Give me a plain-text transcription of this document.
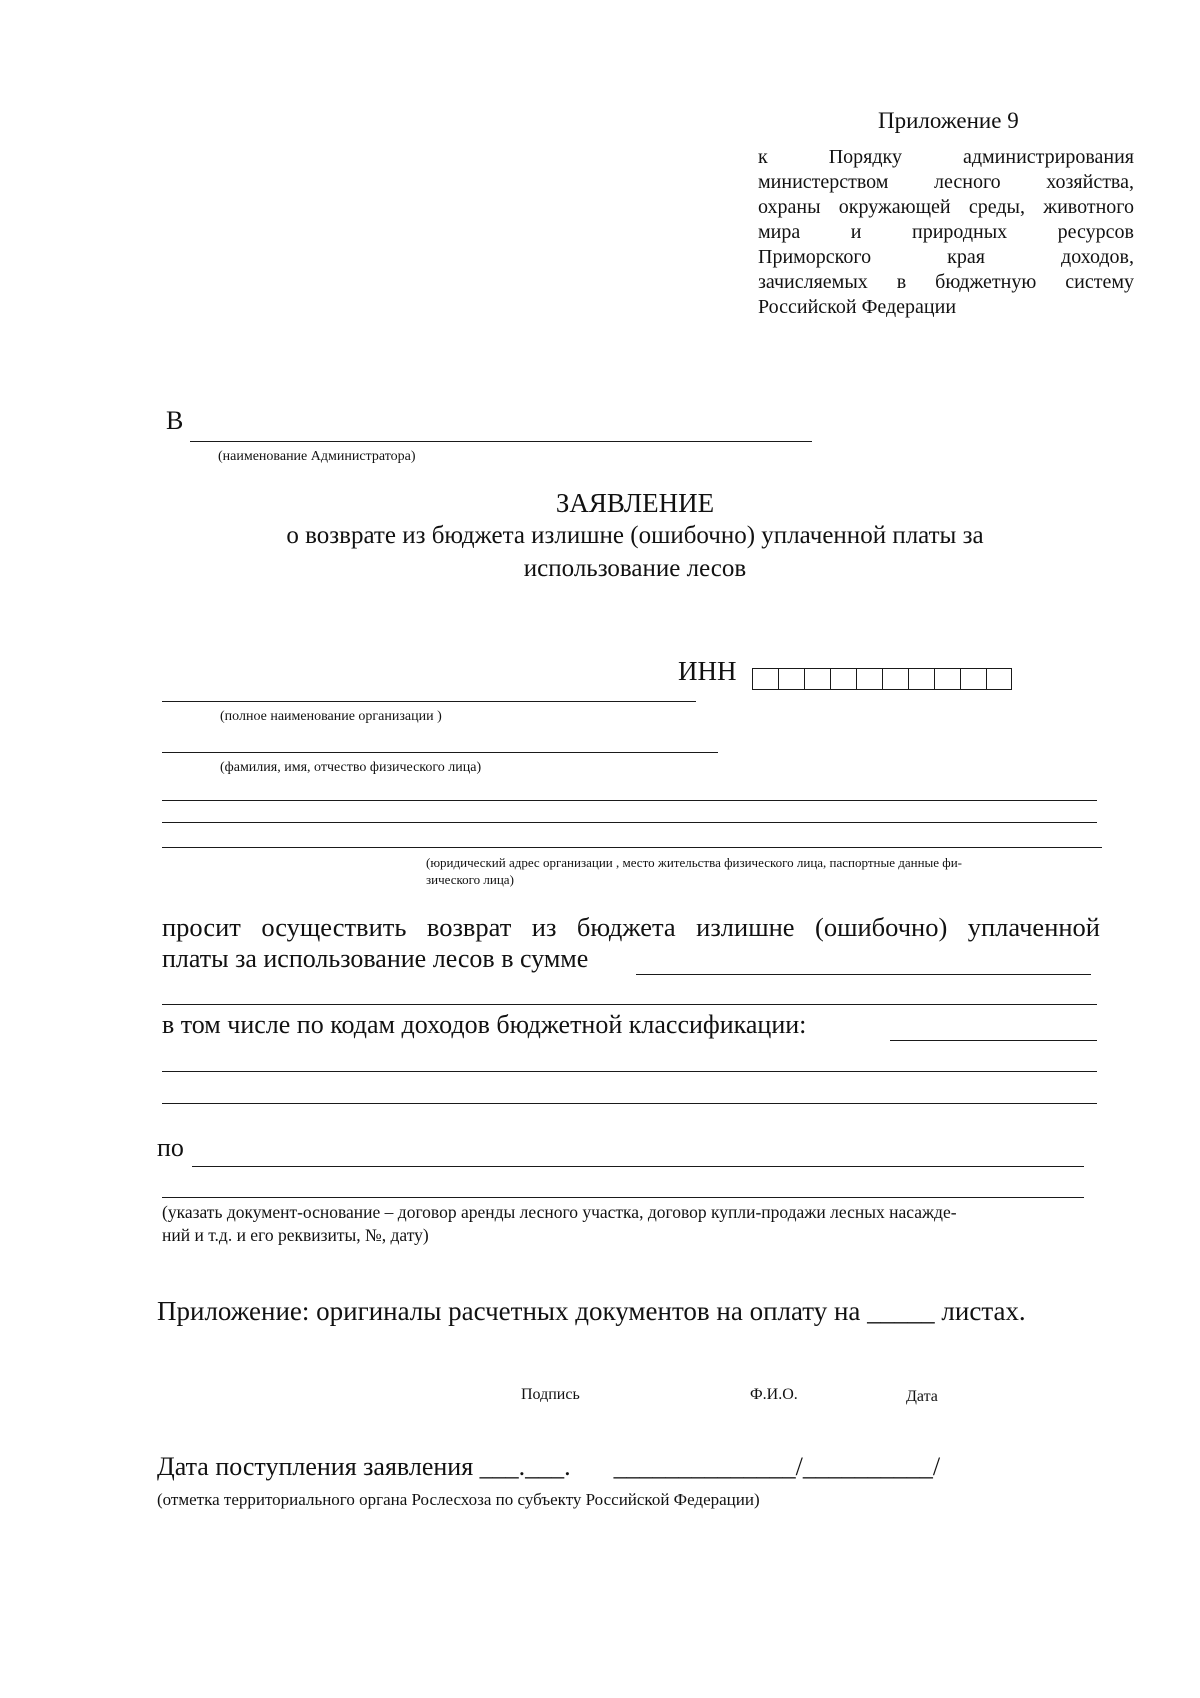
Приложение 9
к Порядку администрирования
министерством лесного хозяйства,
охраны окружающей среды, животного
мира и природных ресурсов
Приморского края доходов,
зачисляемых в бюджетную систему
Российской Федерации
В
(наименование Администратора)
ЗАЯВЛЕНИЕ
о возврате из бюджета излишне (ошибочно) уплаченной платы за
использование лесов
ИНН
(полное наименование организации )
(фамилия, имя, отчество физического лица)
(юридический адрес организации , место жительства физического лица, паспортные данные фи-
зического лица)
просит осуществить возврат из бюджета излишне (ошибочно) уплаченной
платы за использование лесов в сумме
в том числе по кодам доходов бюджетной классификации:
по
(указать документ-основание – договор аренды лесного участка, договор купли-продажи лесных насажде-
ний и т.д. и его реквизиты, №, дату)
Приложение: оригиналы расчетных документов на оплату на _____ листах.
Подпись	Ф.И.О.	Дата
Дата поступления заявления ___.___. ______________/__________/
(отметка территориального органа Рослесхоза по субъекту Российской Федерации)
